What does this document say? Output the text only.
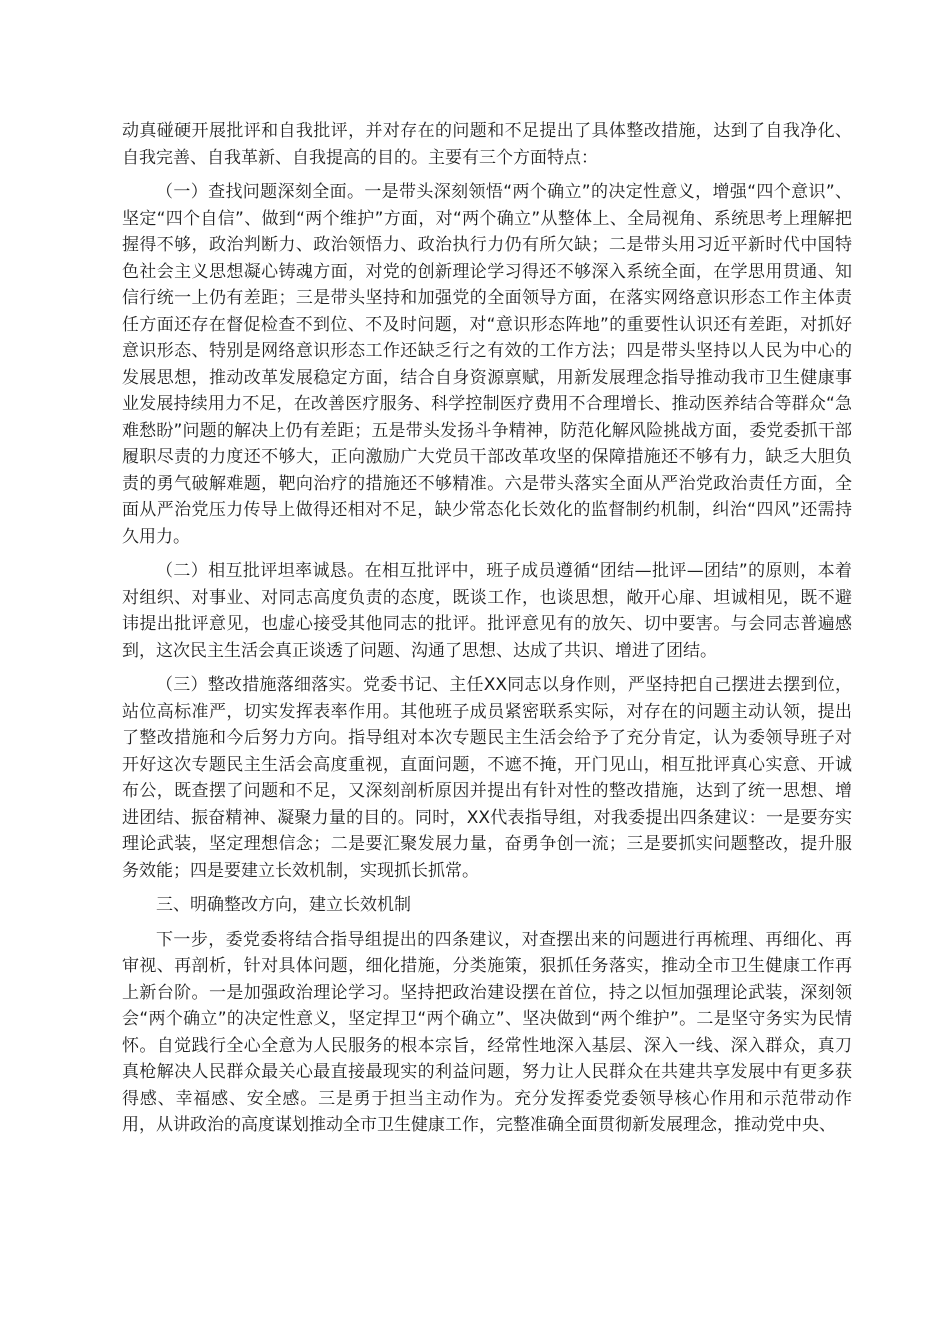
动真碰硬开展批评和自我批评，并对存在的问题和不足提出了具体整改措施，达到了自我净化、自我完善、自我革新、自我提高的目的。主要有三个方面特点：

（一）查找问题深刻全面。一是带头深刻领悟“两个确立”的决定性意义，增强“四个意识”、坚定“四个自信”、做到“两个维护”方面，对“两个确立”从整体上、全局视角、系统思考上理解把握得不够，政治判断力、政治领悟力、政治执行力仍有所欠缺；二是带头用习近平新时代中国特色社会主义思想凝心铸魂方面，对党的创新理论学习得还不够深入系统全面，在学思用贯通、知信行统一上仍有差距；三是带头坚持和加强党的全面领导方面，在落实网络意识形态工作主体责任方面还存在督促检查不到位、不及时问题，对“意识形态阵地”的重要性认识还有差距，对抓好意识形态、特别是网络意识形态工作还缺乏行之有效的工作方法；四是带头坚持以人民为中心的发展思想，推动改革发展稳定方面，结合自身资源禀赋，用新发展理念指导推动我市卫生健康事业发展持续用力不足，在改善医疗服务、科学控制医疗费用不合理增长、推动医养结合等群众“急难愁盼”问题的解决上仍有差距；五是带头发扬斗争精神，防范化解风险挑战方面，委党委抓干部履职尽责的力度还不够大，正向激励广大党员干部改革攻坚的保障措施还不够有力，缺乏大胆负责的勇气破解难题，靶向治疗的措施还不够精准。六是带头落实全面从严治党政治责任方面，全面从严治党压力传导上做得还相对不足，缺少常态化长效化的监督制约机制，纠治“四风”还需持久用力。

（二）相互批评坦率诚恳。在相互批评中，班子成员遵循“团结—批评—团结”的原则，本着对组织、对事业、对同志高度负责的态度，既谈工作，也谈思想，敞开心扉、坦诚相见，既不避讳提出批评意见，也虚心接受其他同志的批评。批评意见有的放矢、切中要害。与会同志普遍感到，这次民主生活会真正谈透了问题、沟通了思想、达成了共识、增进了团结。

（三）整改措施落细落实。党委书记、主任XX同志以身作则，严坚持把自己摆进去摆到位，站位高标准严，切实发挥表率作用。其他班子成员紧密联系实际，对存在的问题主动认领，提出了整改措施和今后努力方向。指导组对本次专题民主生活会给予了充分肯定，认为委领导班子对开好这次专题民主生活会高度重视，直面问题，不遮不掩，开门见山，相互批评真心实意、开诚布公，既查摆了问题和不足，又深刻剖析原因并提出有针对性的整改措施，达到了统一思想、增进团结、振奋精神、凝聚力量的目的。同时，XX代表指导组，对我委提出四条建议：一是要夯实理论武装，坚定理想信念；二是要汇聚发展力量，奋勇争创一流；三是要抓实问题整改，提升服务效能；四是要建立长效机制，实现抓长抓常。

三、明确整改方向，建立长效机制

下一步，委党委将结合指导组提出的四条建议，对查摆出来的问题进行再梳理、再细化、再审视、再剖析，针对具体问题，细化措施，分类施策，狠抓任务落实，推动全市卫生健康工作再上新台阶。一是加强政治理论学习。坚持把政治建设摆在首位，持之以恒加强理论武装，深刻领会“两个确立”的决定性意义，坚定捍卫“两个确立”、坚决做到“两个维护”。二是坚守务实为民情怀。自觉践行全心全意为人民服务的根本宗旨，经常性地深入基层、深入一线、深入群众，真刀真枪解决人民群众最关心最直接最现实的利益问题，努力让人民群众在共建共享发展中有更多获得感、幸福感、安全感。三是勇于担当主动作为。充分发挥委党委领导核心作用和示范带动作用，从讲政治的高度谋划推动全市卫生健康工作，完整准确全面贯彻新发展理念，推动党中央、
